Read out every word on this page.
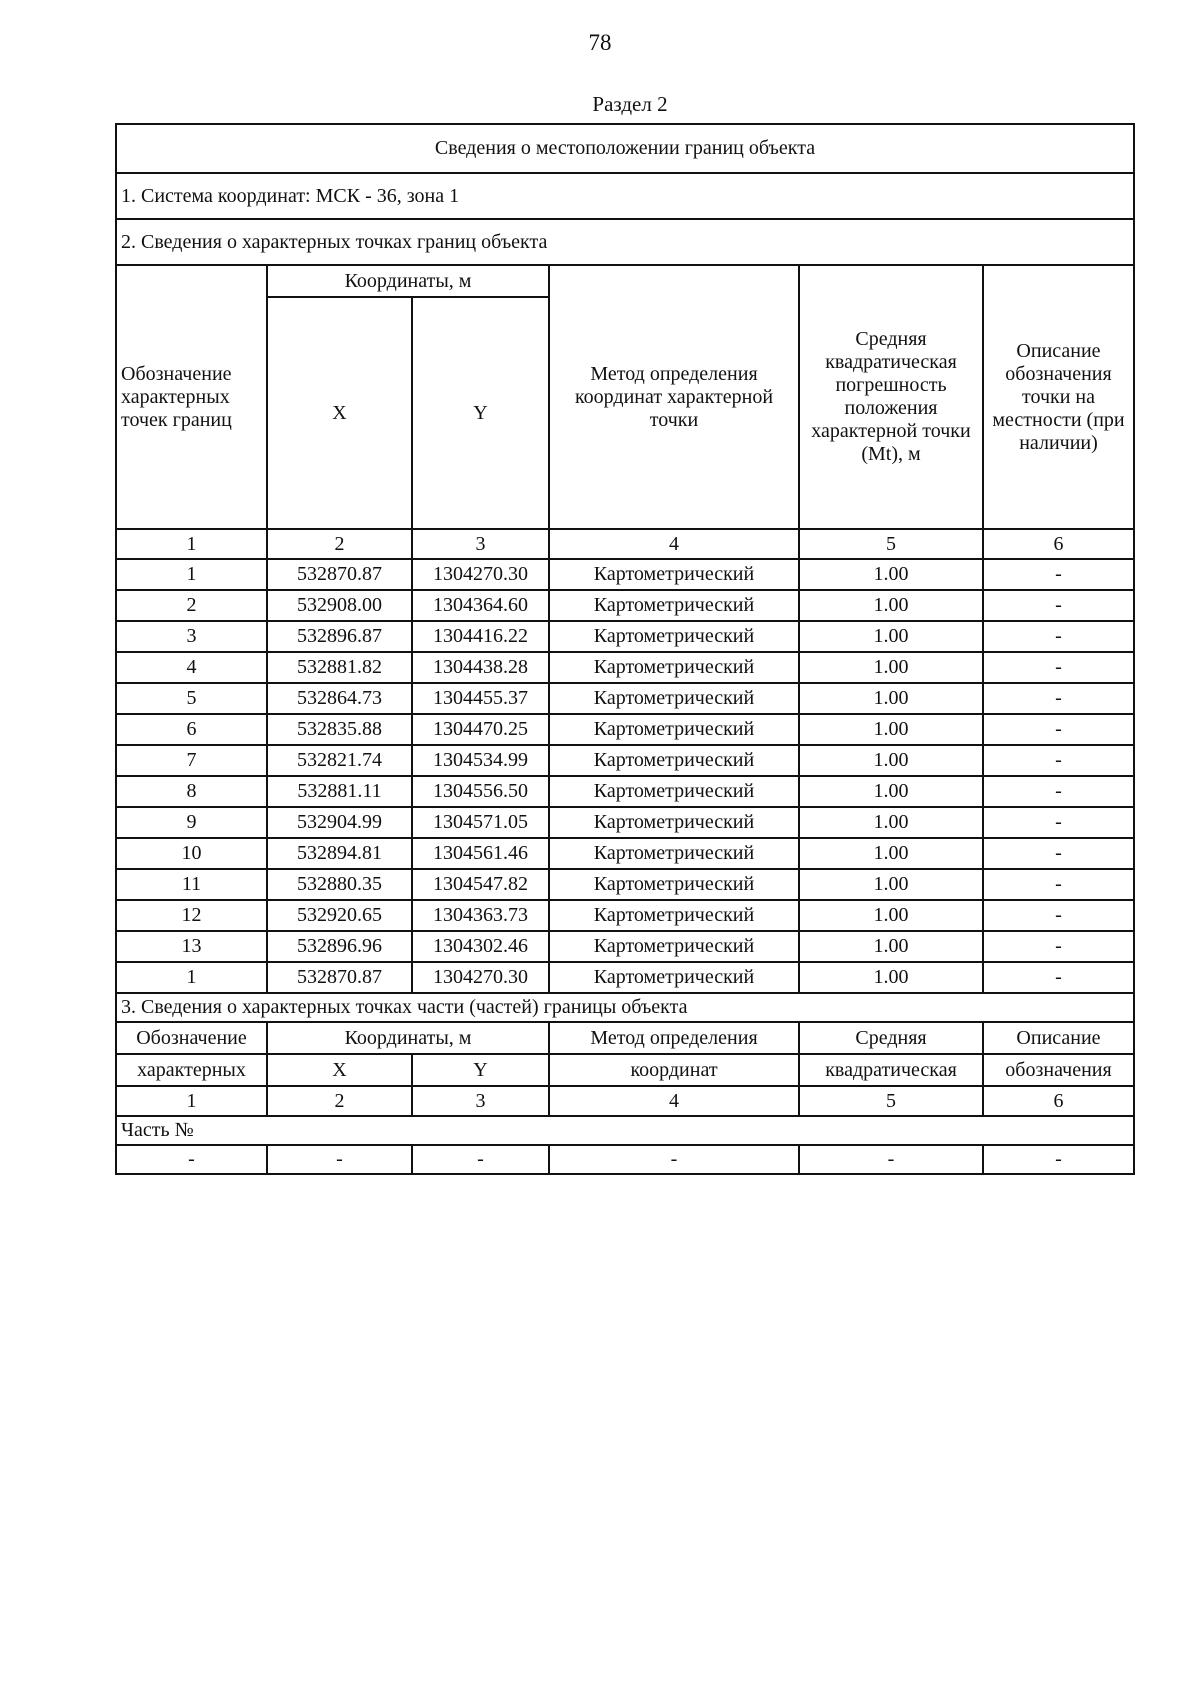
78
Раздел 2
Сведения о местоположении границ объекта					
1. Система координат: МСК - 36, зона 1					
2. Сведения о характерных точках границ объекта					
Обозначение характерных точек границ	Координаты, м		Метод определения координат характерной точки	Средняя квадратическая погрешность положения характерной точки (Mt), м	Описание обозначения точки на местности (при наличии)
	X	Y			
1	2	3	4	5	6
1	532870.87	1304270.30	Картометрический	1.00	-
2	532908.00	1304364.60	Картометрический	1.00	-
3	532896.87	1304416.22	Картометрический	1.00	-
4	532881.82	1304438.28	Картометрический	1.00	-
5	532864.73	1304455.37	Картометрический	1.00	-
6	532835.88	1304470.25	Картометрический	1.00	-
7	532821.74	1304534.99	Картометрический	1.00	-
8	532881.11	1304556.50	Картометрический	1.00	-
9	532904.99	1304571.05	Картометрический	1.00	-
10	532894.81	1304561.46	Картометрический	1.00	-
11	532880.35	1304547.82	Картометрический	1.00	-
12	532920.65	1304363.73	Картометрический	1.00	-
13	532896.96	1304302.46	Картометрический	1.00	-
1	532870.87	1304270.30	Картометрический	1.00	-
3. Сведения о характерных точках части (частей) границы объекта					
Обозначение	Координаты, м		Метод определения	Средняя	Описание
характерных	X	Y	координат	квадратическая	обозначения
1	2	3	4	5	6
Часть №					
-	-	-	-	-	-
